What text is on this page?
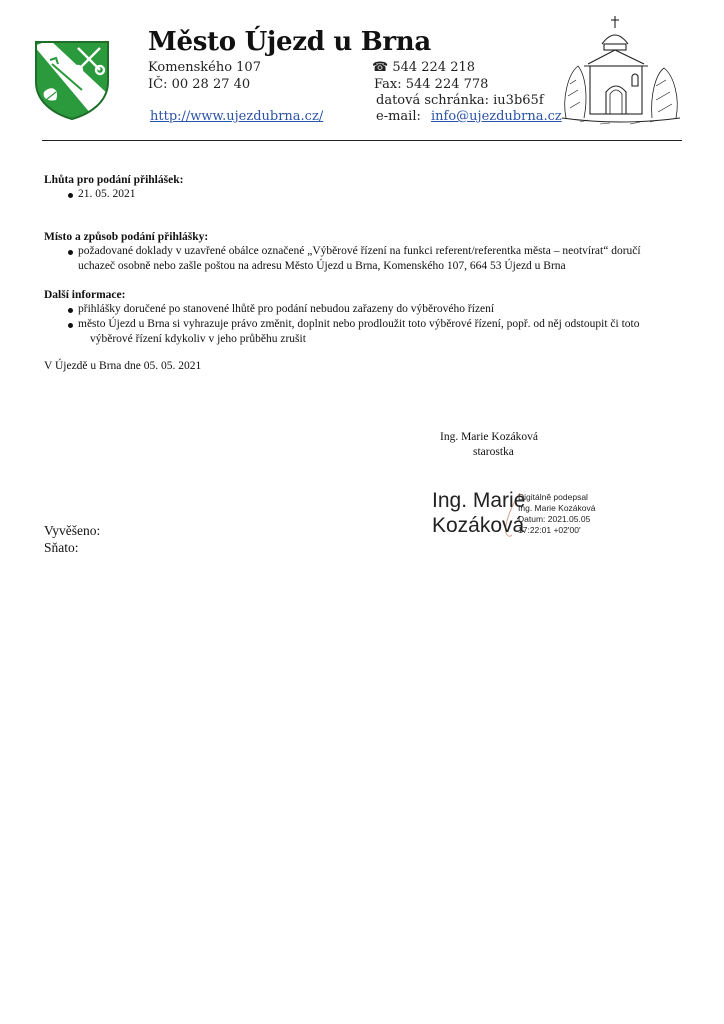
Město Újezd u Brna
Komenského 107
IČ: 00 28 27 40
http://www.ujezdubrna.cz/
☎ 544 224 218
Fax: 544 224 778
datová schránka: iu3b65f
e-mail: info@ujezdubrna.cz
Lhůta pro podání přihlášek:
21. 05. 2021
Místo a způsob podání přihlášky:
požadované doklady v uzavřené obálce označené „Výběrové řízení na funkci referent/referentka města – neotvírat“ doručí
uchazeč osobně nebo zašle poštou na adresu Město Újezd u Brna, Komenského 107, 664 53 Újezd u Brna
Další informace:
přihlášky doručené po stanovené lhůtě pro podání nebudou zařazeny do výběrového řízení
město Újezd u Brna si vyhrazuje právo změnit, doplnit nebo prodloužit toto výběrové řízení, popř. od něj odstoupit či toto
výběrové řízení kdykoliv v jeho průběhu zrušit
V Újezdě u Brna dne 05. 05. 2021
Ing. Marie Kozáková
starostka
Ing. Marie
Kozáková
Digitálně podepsal
Ing. Marie Kozáková
Datum: 2021.05.05
17:22:01 +02'00'
Vyvěšeno:
Sňato:
